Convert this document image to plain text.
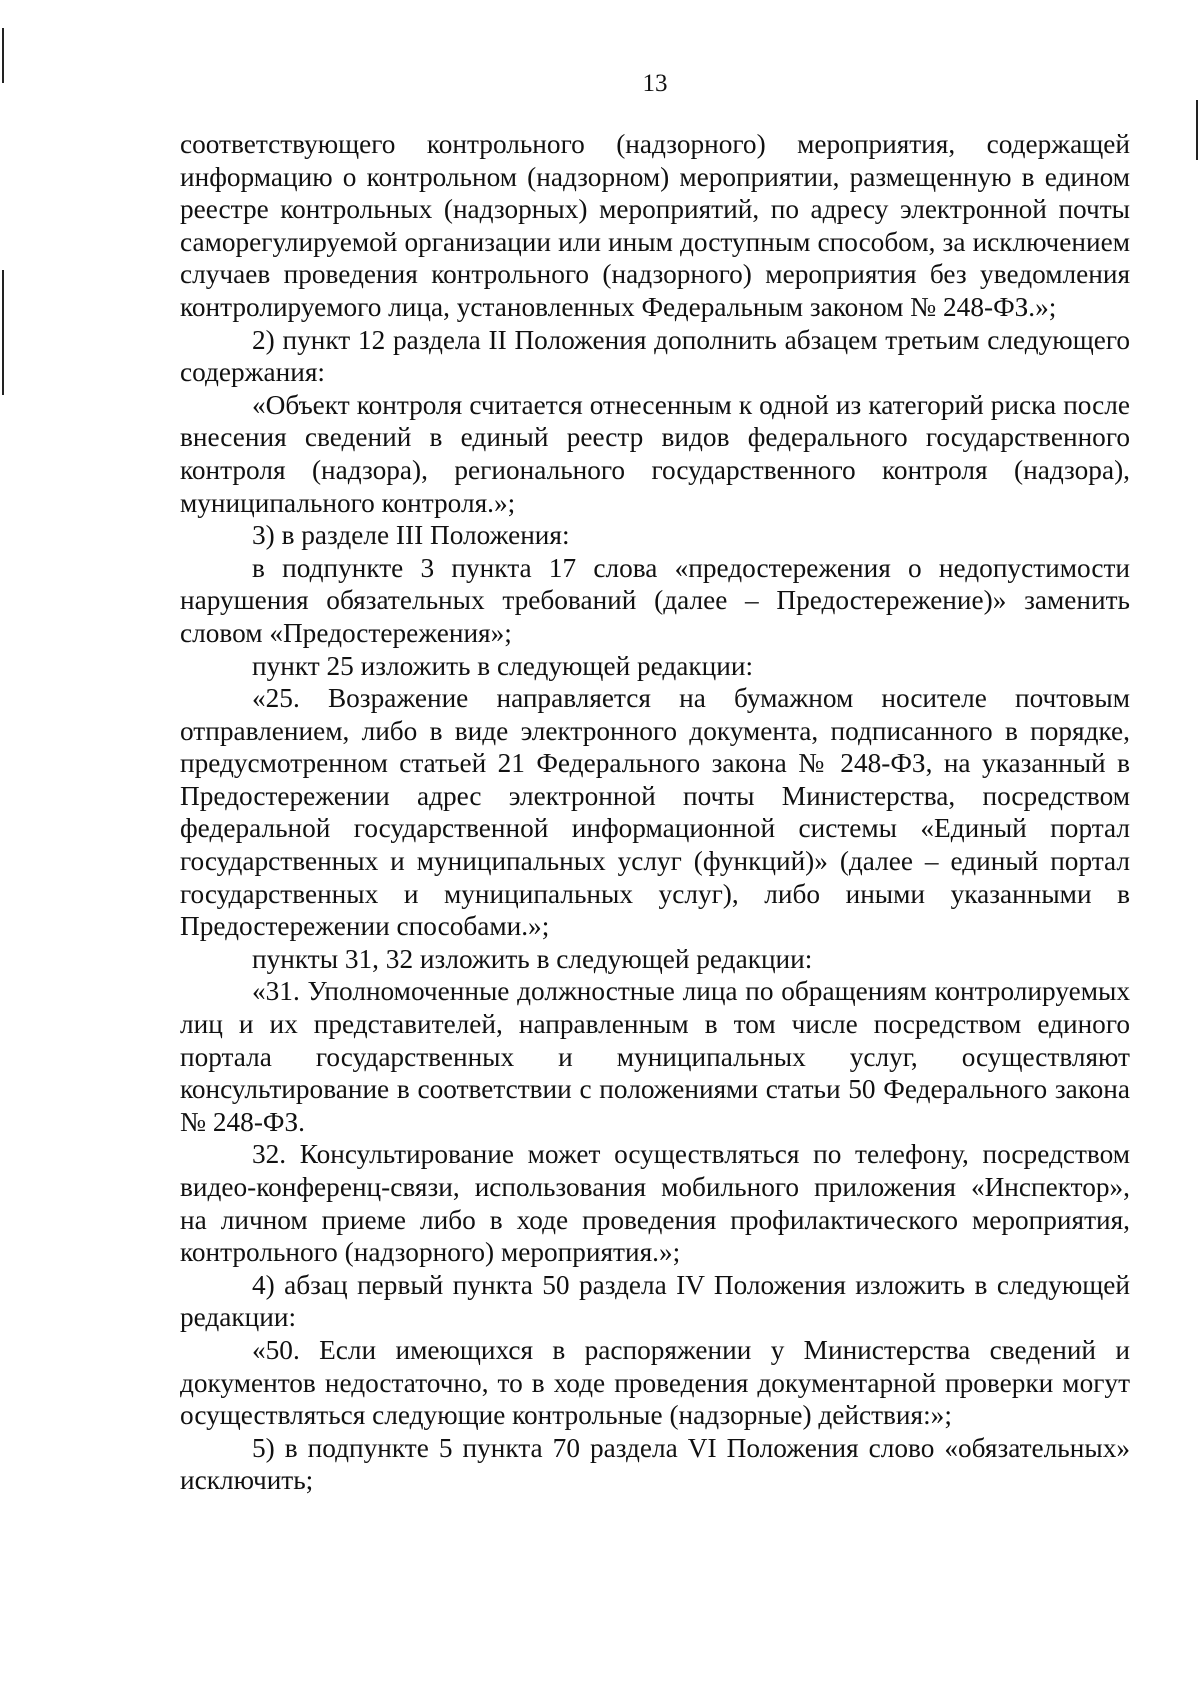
13

соответствующего контрольного (надзорного) мероприятия, содержащей информацию о контрольном (надзорном) мероприятии, размещенную в едином реестре контрольных (надзорных) мероприятий, по адресу электронной почты саморегулируемой организации или иным доступным способом, за исключением случаев проведения контрольного (надзорного) мероприятия без уведомления контролируемого лица, установленных Федеральным законом № 248-ФЗ.»;

2) пункт 12 раздела II Положения дополнить абзацем третьим следующего содержания:

«Объект контроля считается отнесенным к одной из категорий риска после внесения сведений в единый реестр видов федерального государственного контроля (надзора), регионального государственного контроля (надзора), муниципального контроля.»;

3) в разделе III Положения:

в подпункте 3 пункта 17 слова «предостережения о недопустимости нарушения обязательных требований (далее – Предостережение)» заменить словом «Предостережения»;

пункт 25 изложить в следующей редакции:

«25. Возражение направляется на бумажном носителе почтовым отправлением, либо в виде электронного документа, подписанного в порядке, предусмотренном статьей 21 Федерального закона № 248-ФЗ, на указанный в Предостережении адрес электронной почты Министерства, посредством федеральной государственной информационной системы «Единый портал государственных и муниципальных услуг (функций)» (далее – единый портал государственных и муниципальных услуг), либо иными указанными в Предостережении способами.»;

пункты 31, 32 изложить в следующей редакции:

«31. Уполномоченные должностные лица по обращениям контролируемых лиц и их представителей, направленным в том числе посредством единого портала государственных и муниципальных услуг, осуществляют консультирование в соответствии с положениями статьи 50 Федерального закона № 248-ФЗ.

32. Консультирование может осуществляться по телефону, посредством видео-конференц-связи, использования мобильного приложения «Инспектор», на личном приеме либо в ходе проведения профилактического мероприятия, контрольного (надзорного) мероприятия.»;

4) абзац первый пункта 50 раздела IV Положения изложить в следующей редакции:

«50. Если имеющихся в распоряжении у Министерства сведений и документов недостаточно, то в ходе проведения документарной проверки могут осуществляться следующие контрольные (надзорные) действия:»;

5) в подпункте 5 пункта 70 раздела VI Положения слово «обязательных» исключить;
